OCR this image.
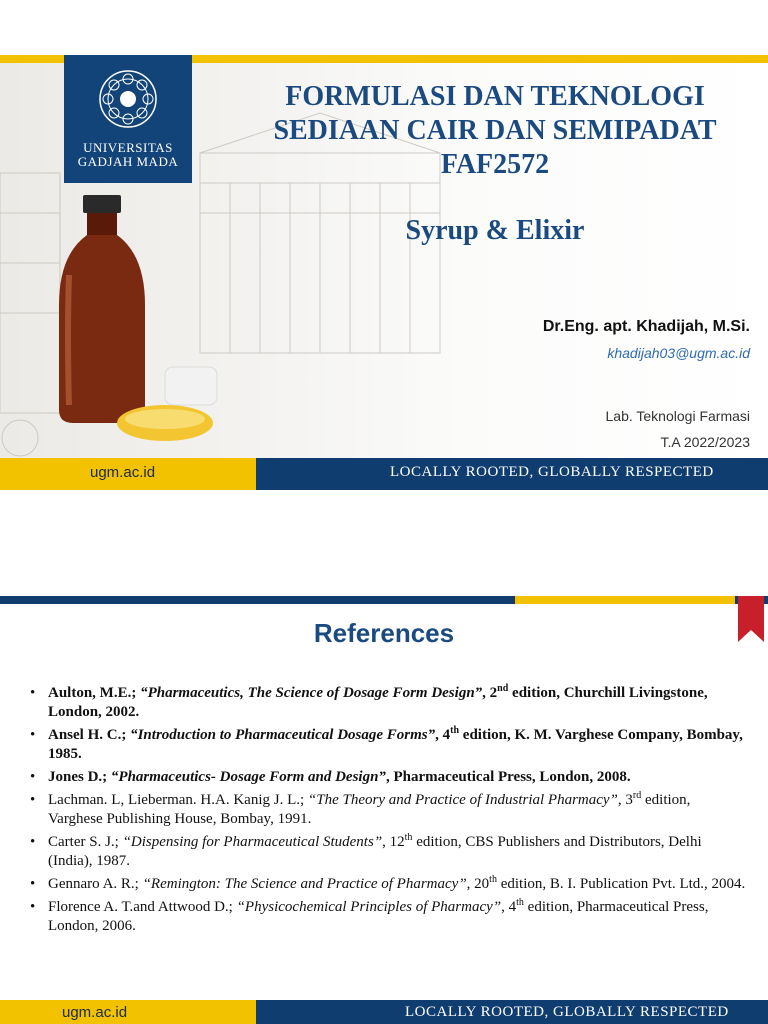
UNIVERSITAS
GADJAH MADA
FORMULASI DAN TEKNOLOGI
SEDIAAN CAIR DAN SEMIPADAT
FAF2572
Syrup & Elixir
Dr.Eng. apt. Khadijah, M.Si.
khadijah03@ugm.ac.id
Lab. Teknologi Farmasi
T.A 2022/2023
ugm.ac.id	LOCALLY ROOTED, GLOBALLY RESPECTED
References
• Aulton, M.E.; “Pharmaceutics, The Science of Dosage Form Design”, 2nd edition, Churchill Livingstone, London, 2002.
• Ansel H. C.; “Introduction to Pharmaceutical Dosage Forms”, 4th edition, K. M. Varghese Company, Bombay, 1985.
• Jones D.; “Pharmaceutics- Dosage Form and Design”, Pharmaceutical Press, London, 2008.
• Lachman. L, Lieberman. H.A. Kanig J. L.; “The Theory and Practice of Industrial Pharmacy”, 3rd edition, Varghese Publishing House, Bombay, 1991.
• Carter S. J.; “Dispensing for Pharmaceutical Students”, 12th edition, CBS Publishers and Distributors, Delhi (India), 1987.
• Gennaro A. R.; “Remington: The Science and Practice of Pharmacy”, 20th edition, B. I. Publication Pvt. Ltd., 2004.
• Florence A. T.and Attwood D.; “Physicochemical Principles of Pharmacy”, 4th edition, Pharmaceutical Press, London, 2006.
ugm.ac.id	LOCALLY ROOTED, GLOBALLY RESPECTED
